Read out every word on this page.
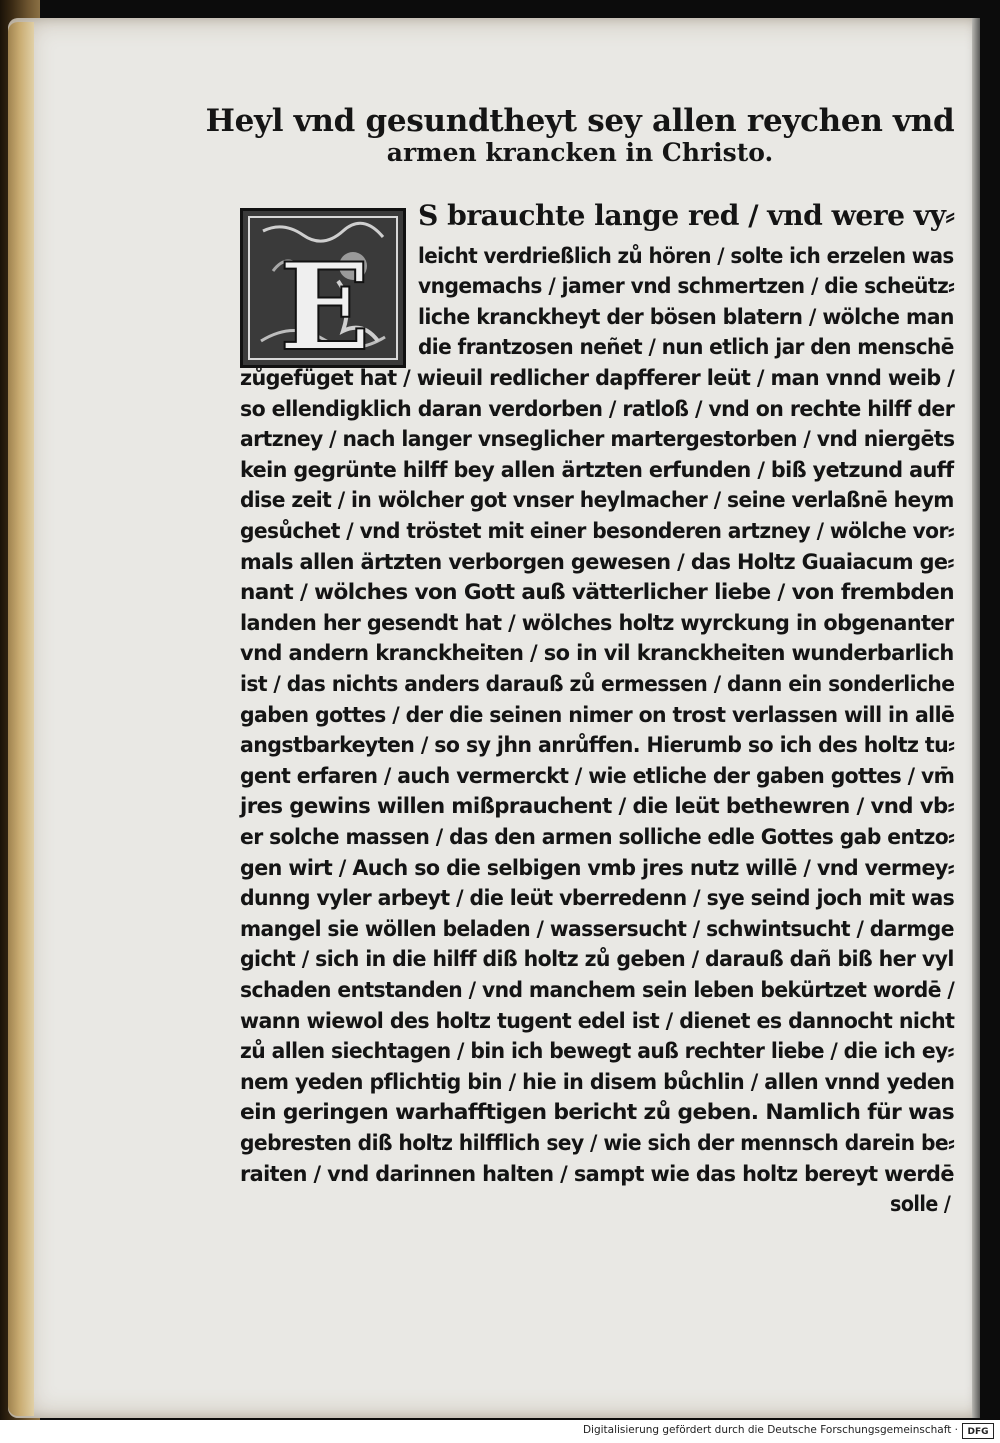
Heyl vnd gesundtheyt sey allen reychen vnd
armen krancken in Christo.
E
S brauchte lange red / vnd were vy⸗
leicht verdrießlich zů hören / solte ich erzelen was
vngemachs / jamer vnd schmertzen / die scheütz⸗
liche kranckheyt der bösen blatern / wölche man
die frantzosen neñet / nun etlich jar den menschē
zůgefüget hat / wieuil redlicher dapfferer leüt / man vnnd weib /
so ellendigklich daran verdorben / ratloß / vnd on rechte hilff der
artzney / nach langer vnseglicher martergestorben / vnd niergēts
kein gegrünte hilff bey allen ärtzten erfunden / biß yetzund auff
dise zeit / in wölcher got vnser heylmacher / seine verlaßnē heym
gesůchet / vnd tröstet mit einer besonderen artzney / wölche vor⸗
mals allen ärtzten verborgen gewesen / das Holtz Guaiacum ge⸗
nant / wölches von Gott auß vätterlicher liebe / von frembden
landen her gesendt hat / wölches holtz wyrckung in obgenanter
vnd andern kranckheiten / so in vil kranckheiten wunderbarlich
ist / das nichts anders darauß zů ermessen / dann ein sonderliche
gaben gottes / der die seinen nimer on trost verlassen will in allē
angstbarkeyten / so sy jhn anrůffen. Hierumb so ich des holtz tu⸗
gent erfaren / auch vermerckt / wie etliche der gaben gottes / vm̄
jres gewins willen mißprauchent / die leüt bethewren / vnd vb⸗
er solche massen / das den armen solliche edle Gottes gab entzo⸗
gen wirt / Auch so die selbigen vmb jres nutz willē / vnd vermey⸗
dunng vyler arbeyt / die leüt vberredenn / sye seind joch mit was
mangel sie wöllen beladen / wassersucht / schwintsucht / darmge
gicht / sich in die hilff diß holtz zů geben / darauß dañ biß her vyl
schaden entstanden / vnd manchem sein leben bekürtzet wordē /
wann wiewol des holtz tugent edel ist / dienet es dannocht nicht
zů allen siechtagen / bin ich bewegt auß rechter liebe / die ich ey⸗
nem yeden pflichtig bin / hie in disem bůchlin / allen vnnd yeden
ein geringen warhafftigen bericht zů geben. Namlich für was
gebresten diß holtz hilfflich sey / wie sich der mennsch darein be⸗
raiten / vnd darinnen halten / sampt wie das holtz bereyt werdē
solle /
Digitalisierung gefördert durch die Deutsche Forschungsgemeinschaft ·	DFG
